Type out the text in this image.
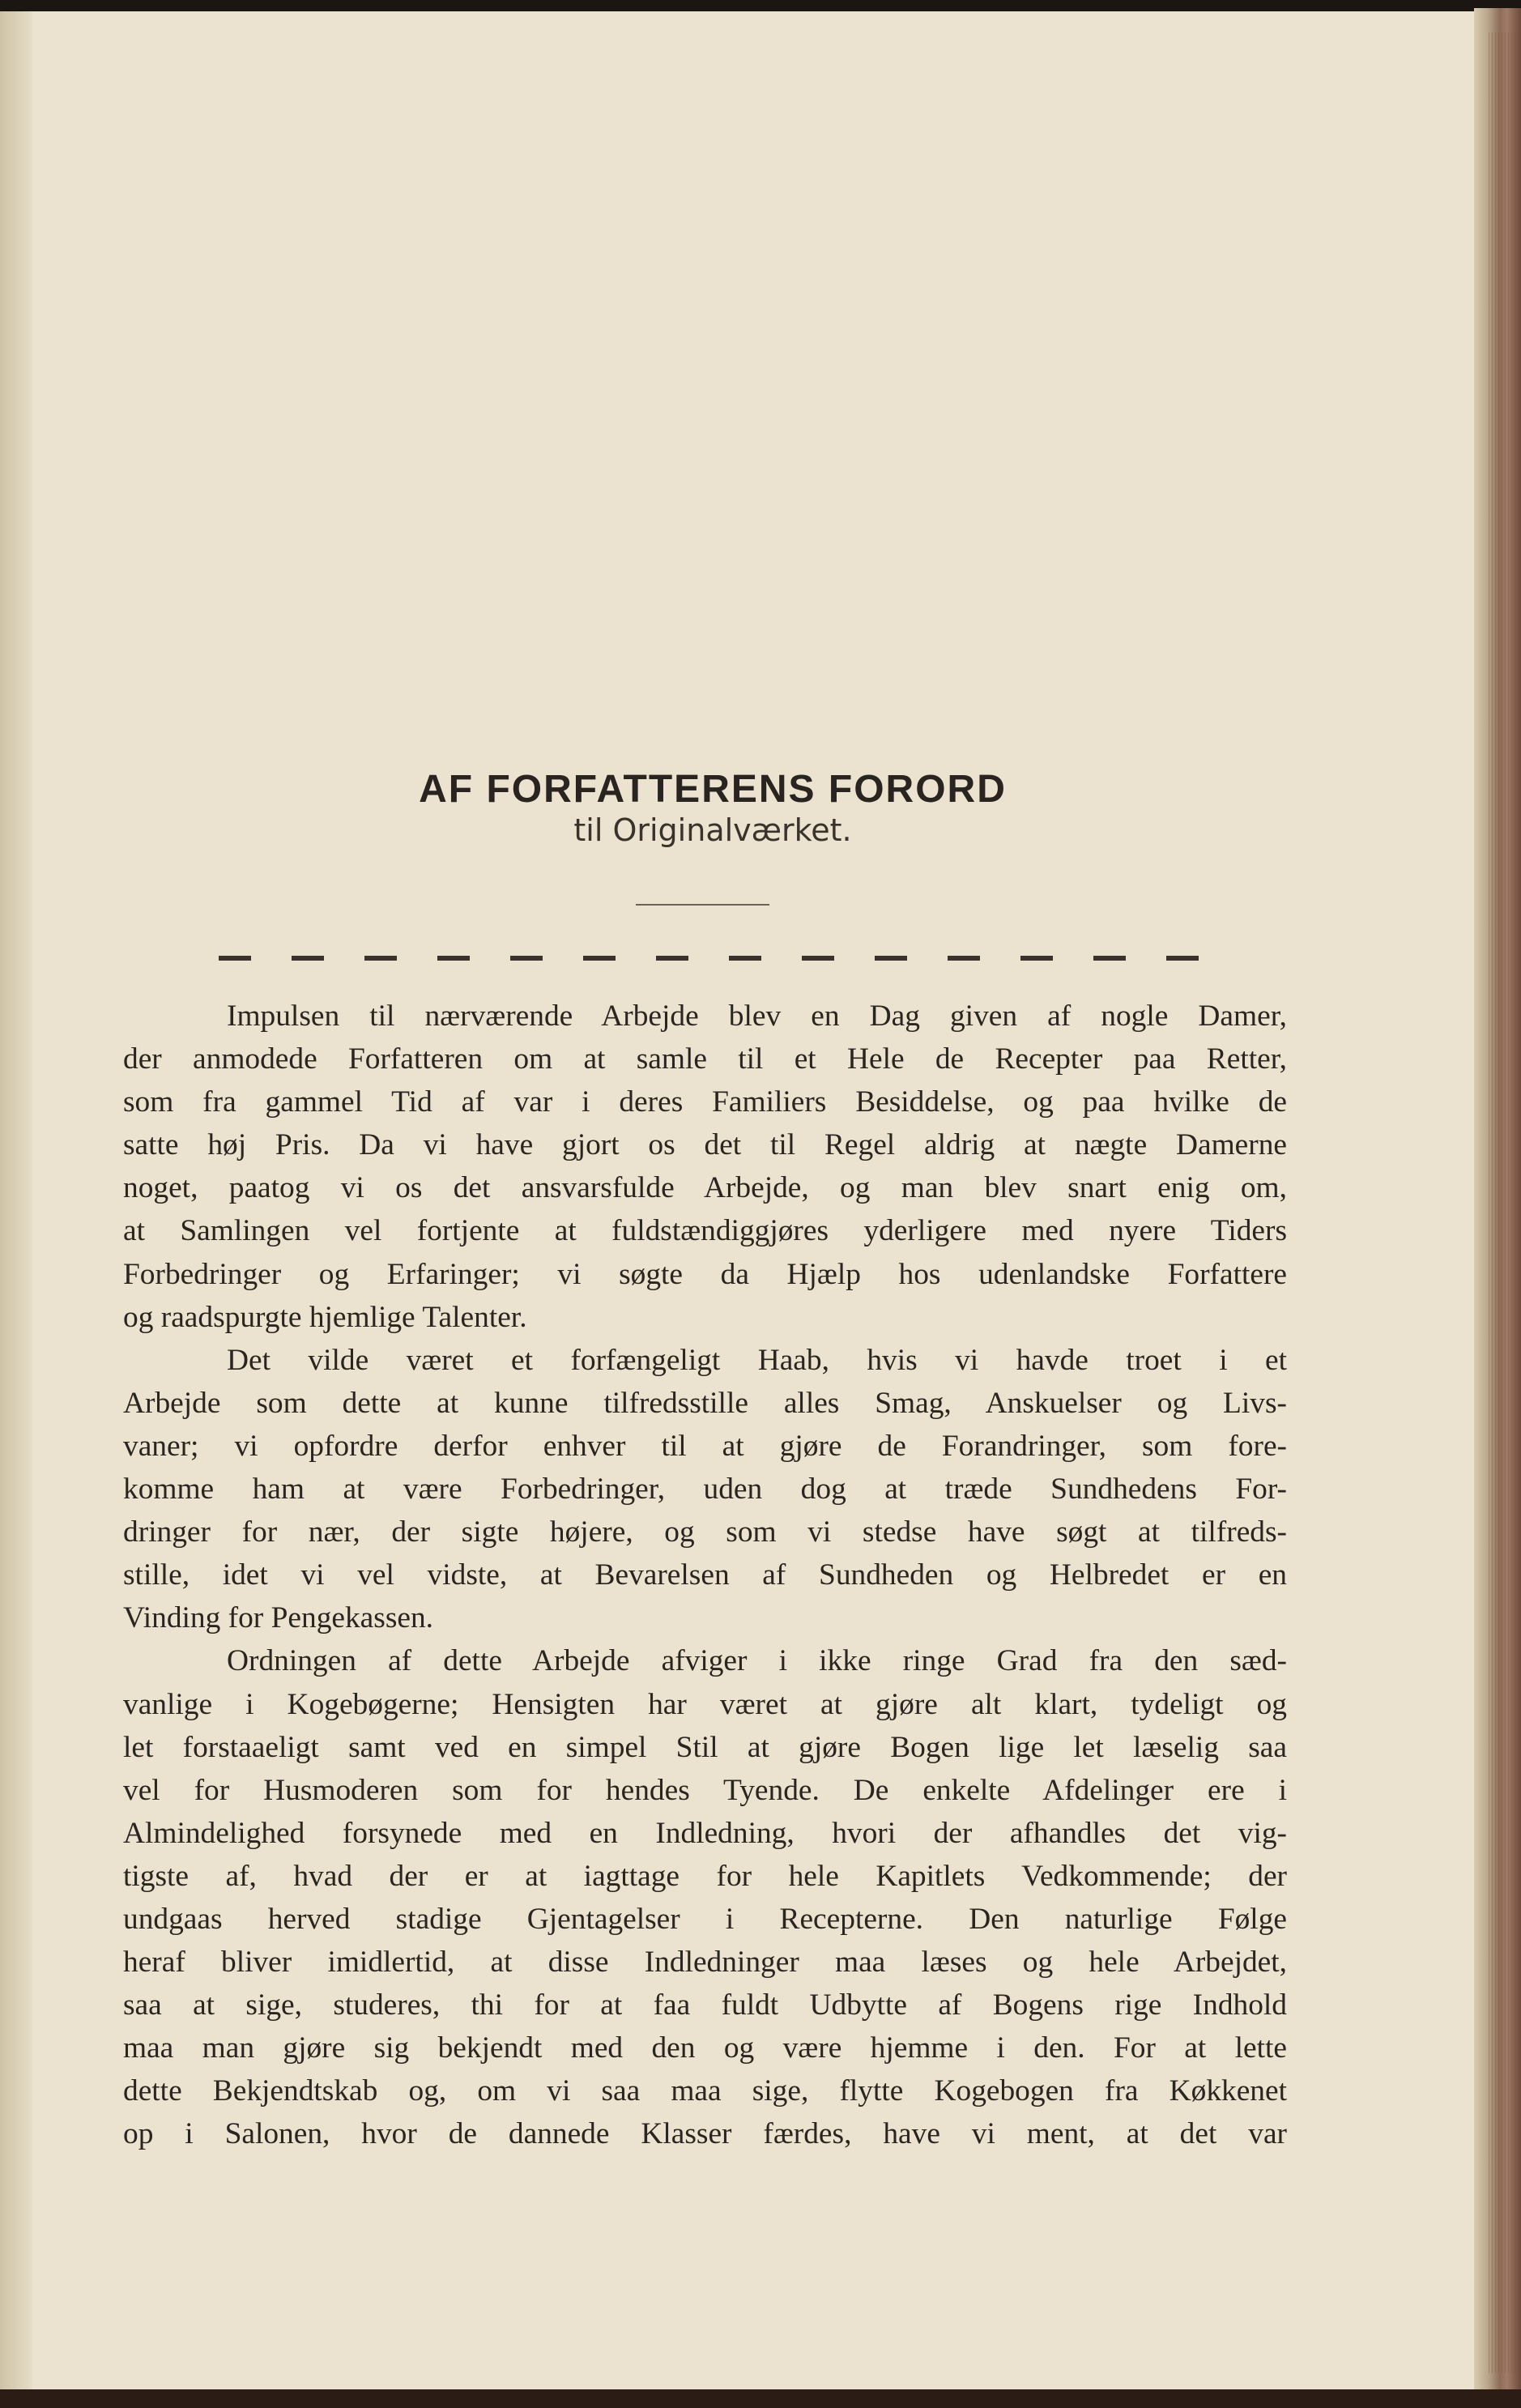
AF FORFATTERENS FORORD
til Originalværket.

Impulsen til nærværende Arbejde blev en Dag given af nogle Damer,
der anmodede Forfatteren om at samle til et Hele de Recepter paa Retter,
som fra gammel Tid af var i deres Familiers Besiddelse, og paa hvilke de
satte høj Pris. Da vi have gjort os det til Regel aldrig at nægte Damerne
noget, paatog vi os det ansvarsfulde Arbejde, og man blev snart enig om,
at Samlingen vel fortjente at fuldstændiggjøres yderligere med nyere Tiders
Forbedringer og Erfaringer; vi søgte da Hjælp hos udenlandske Forfattere
og raadspurgte hjemlige Talenter.

Det vilde været et forfængeligt Haab, hvis vi havde troet i et
Arbejde som dette at kunne tilfredsstille alles Smag, Anskuelser og Livs-
vaner; vi opfordre derfor enhver til at gjøre de Forandringer, som fore-
komme ham at være Forbedringer, uden dog at træde Sundhedens For-
dringer for nær, der sigte højere, og som vi stedse have søgt at tilfreds-
stille, idet vi vel vidste, at Bevarelsen af Sundheden og Helbredet er en
Vinding for Pengekassen.

Ordningen af dette Arbejde afviger i ikke ringe Grad fra den sæd-
vanlige i Kogebøgerne; Hensigten har været at gjøre alt klart, tydeligt og
let forstaaeligt samt ved en simpel Stil at gjøre Bogen lige let læselig saa
vel for Husmoderen som for hendes Tyende. De enkelte Afdelinger ere i
Almindelighed forsynede med en Indledning, hvori der afhandles det vig-
tigste af, hvad der er at iagttage for hele Kapitlets Vedkommende; der
undgaas herved stadige Gjentagelser i Recepterne. Den naturlige Følge
heraf bliver imidlertid, at disse Indledninger maa læses og hele Arbejdet,
saa at sige, studeres, thi for at faa fuldt Udbytte af Bogens rige Indhold
maa man gjøre sig bekjendt med den og være hjemme i den. For at lette
dette Bekjendtskab og, om vi saa maa sige, flytte Kogebogen fra Køkkenet
op i Salonen, hvor de dannede Klasser færdes, have vi ment, at det var
